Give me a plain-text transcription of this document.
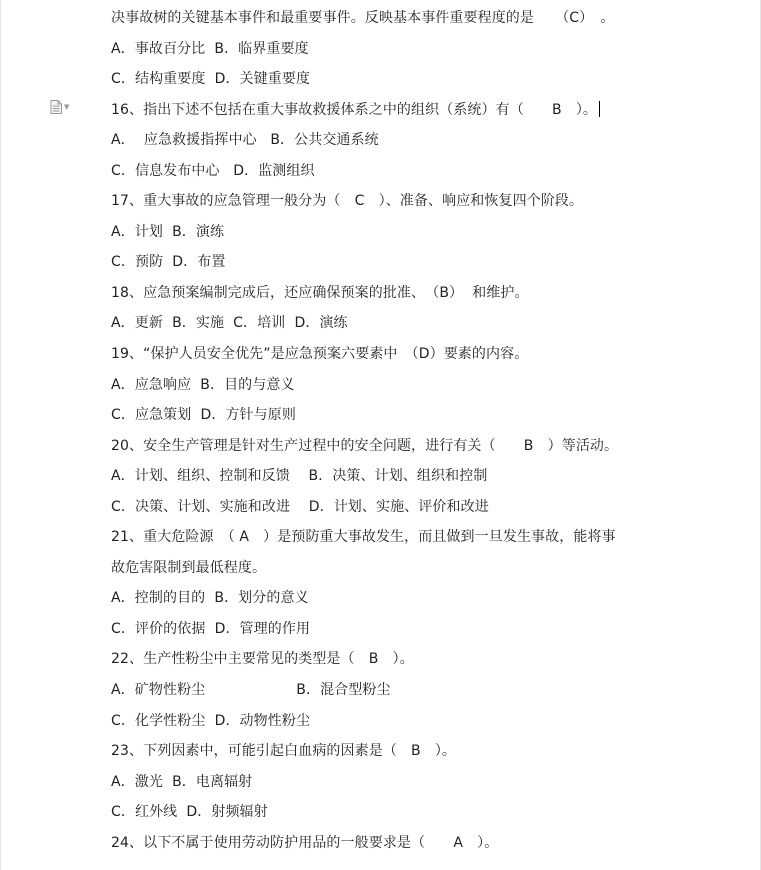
▼
决事故树的关键基本事件和最重要事件。反映基本事件重要程度的是　　（C）　。
A．事故百分比  B．临界重要度
C．结构重要度  D．关键重要度
16、指出下述不包括在重大事故救援体系之中的组织（系统）有（　　B　）。
A．  应急救援指挥中心   B．公共交通系统
C．信息发布中心   D．监测组织
17、重大事故的应急管理一般分为（　C　）、准备、响应和恢复四个阶段。
A．计划  B．演练
C．预防  D．布置
18、应急预案编制完成后，还应确保预案的批准、　（B）  和维护。
A．更新  B．实施  C．培训  D．演练
19、“保护人员安全优先”是应急预案六要素中　（D）要素的内容。
A．应急响应  B．目的与意义
C．应急策划  D．方针与原则
20、安全生产管理是针对生产过程中的安全问题，进行有关（　　B　）等活动。
A．计划、组织、控制和反馈　 B．决策、计划、组织和控制
C．决策、计划、实施和改进　 D．计划、实施、评价和改进
21、重大危险源　（ A　）是预防重大事故发生，而且做到一旦发生事故，能将事
故危害限制到最低程度。
A．控制的目的  B．划分的意义
C．评价的依据  D．管理的作用
22、生产性粉尘中主要常见的类型是（　B　）。
A．矿物性粉尘                    B．混合型粉尘
C．化学性粉尘  D．动物性粉尘
23、下列因素中，可能引起白血病的因素是（　B　）。
A．激光  B．电离辐射
C．红外线  D．射频辐射
24、以下不属于使用劳动防护用品的一般要求是（　　A　）。
